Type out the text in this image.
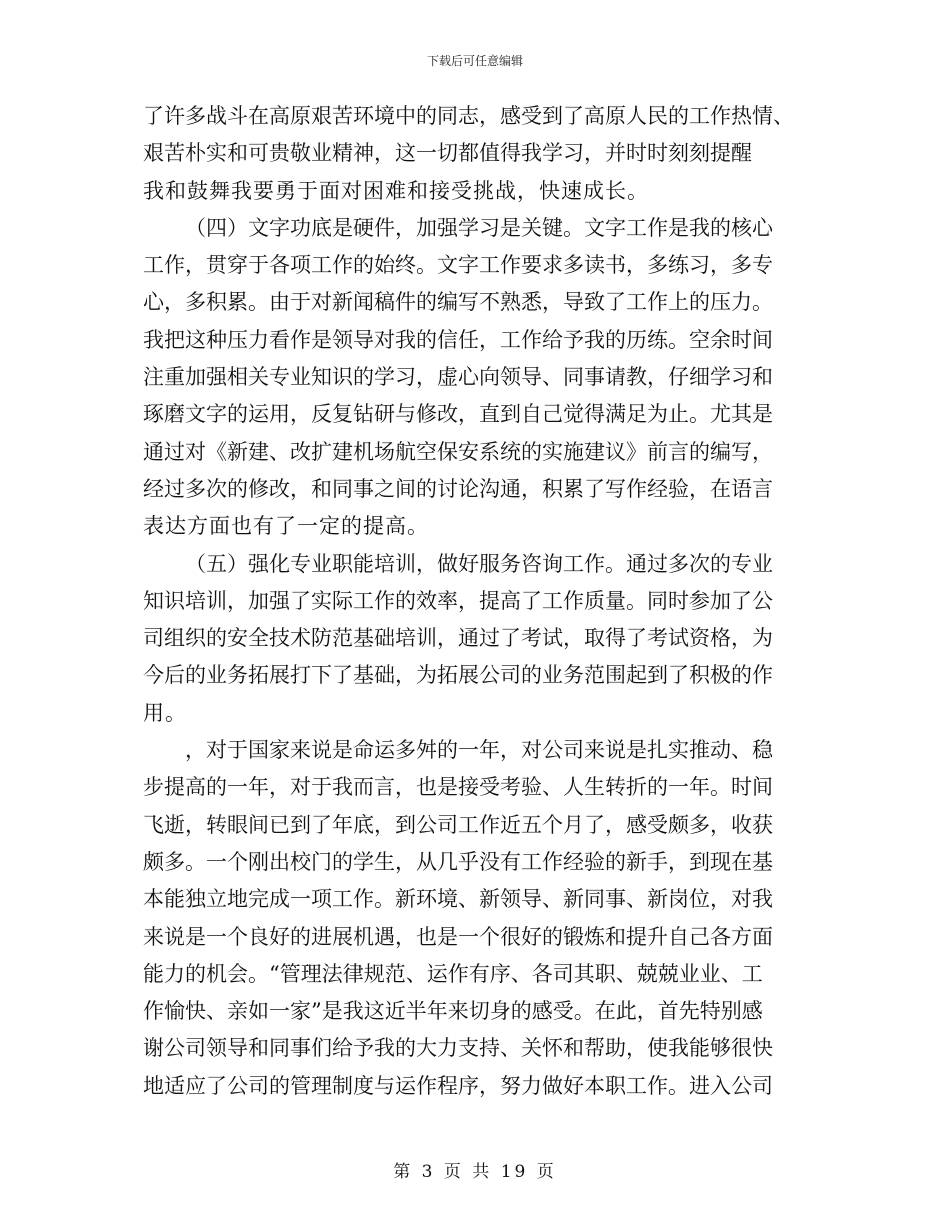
下载后可任意编辑
了许多战斗在高原艰苦环境中的同志，感受到了高原人民的工作热情、
艰苦朴实和可贵敬业精神，这一切都值得我学习，并时时刻刻提醒
我和鼓舞我要勇于面对困难和接受挑战，快速成长。
（四）文字功底是硬件，加强学习是关键。文字工作是我的核心
工作，贯穿于各项工作的始终。文字工作要求多读书，多练习，多专
心，多积累。由于对新闻稿件的编写不熟悉，导致了工作上的压力。
我把这种压力看作是领导对我的信任，工作给予我的历练。空余时间
注重加强相关专业知识的学习，虚心向领导、同事请教，仔细学习和
琢磨文字的运用，反复钻研与修改，直到自己觉得满足为止。尤其是
通过对《新建、改扩建机场航空保安系统的实施建议》前言的编写，
经过多次的修改，和同事之间的讨论沟通，积累了写作经验，在语言
表达方面也有了一定的提高。
（五）强化专业职能培训，做好服务咨询工作。通过多次的专业
知识培训，加强了实际工作的效率，提高了工作质量。同时参加了公
司组织的安全技术防范基础培训，通过了考试，取得了考试资格，为
今后的业务拓展打下了基础，为拓展公司的业务范围起到了积极的作
用。
，对于国家来说是命运多舛的一年，对公司来说是扎实推动、稳
步提高的一年，对于我而言，也是接受考验、人生转折的一年。时间
飞逝，转眼间已到了年底，到公司工作近五个月了，感受颇多，收获
颇多。一个刚出校门的学生，从几乎没有工作经验的新手，到现在基
本能独立地完成一项工作。新环境、新领导、新同事、新岗位，对我
来说是一个良好的进展机遇，也是一个很好的锻炼和提升自己各方面
能力的机会。“管理法律规范、运作有序、各司其职、兢兢业业、工
作愉快、亲如一家”是我这近半年来切身的感受。在此，首先特别感
谢公司领导和同事们给予我的大力支持、关怀和帮助，使我能够很快
地适应了公司的管理制度与运作程序，努力做好本职工作。进入公司
第 3 页 共 19 页
